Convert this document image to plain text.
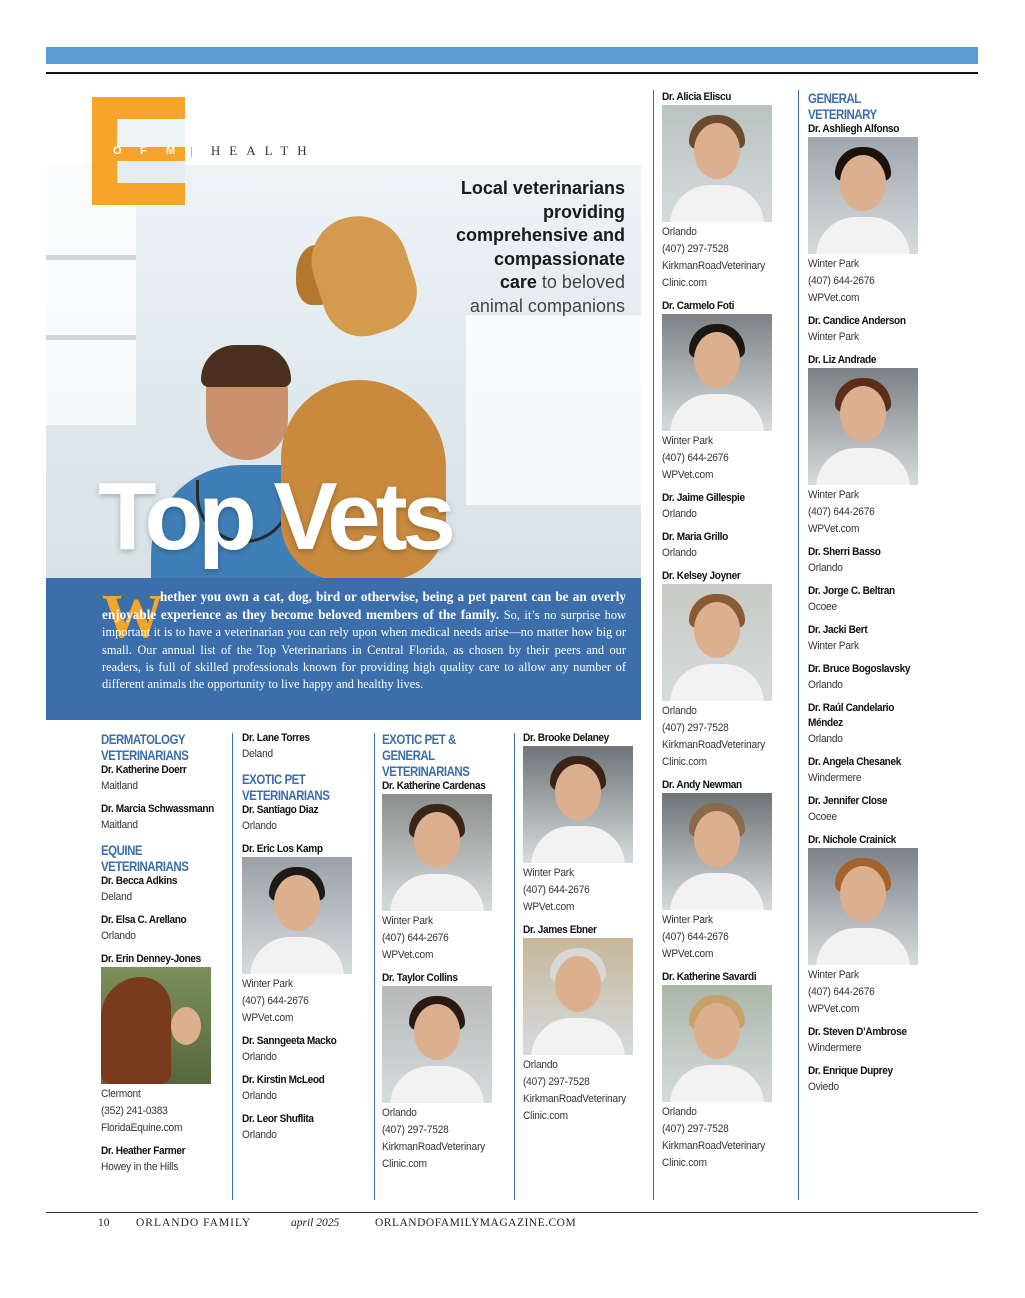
Local veterinarians
providing
comprehensive and
compassionate
care to beloved
animal companions
Top Vets
O F M | HEALTH
W

hether you own a cat, dog, bird or otherwise, being a pet parent can be an overly enjoyable experience as they become beloved members of the family. So, it’s no surprise how important it is to have a veterinarian you can rely upon when medical needs arise—no matter how big or small. Our annual list of the Top Veterinarians in Central Florida, as chosen by their peers and our readers, is full of skilled professionals known for providing high quality care to allow any number of different animals the opportunity to live happy and healthy lives.

DERMATOLOGY VETERINARIANS
Dr. Katherine Doerr
Maitland
Dr. Marcia Schwassmann
Maitland
EQUINE VETERINARIANS
Dr. Becca Adkins
Deland
Dr. Elsa C. Arellano
Orlando
Dr. Erin Denney-Jones
Clermont
(352) 241-0383
FloridaEquine.com
Dr. Heather Farmer
Howey in the Hills
Dr. Lane Torres
Deland
EXOTIC PET VETERINARIANS
Dr. Santiago Diaz
Orlando
Dr. Eric Los Kamp
Winter Park
(407) 644-2676
WPVet.com
Dr. Sanngeeta Macko
Orlando
Dr. Kirstin McLeod
Orlando
Dr. Leor Shuflita
Orlando
EXOTIC PET & GENERAL VETERINARIANS
Dr. Katherine Cardenas
Winter Park
(407) 644-2676
WPVet.com
Dr. Taylor Collins
Orlando
(407) 297-7528
KirkmanRoadVeterinary
Clinic.com
Dr. Brooke Delaney
Winter Park
(407) 644-2676
WPVet.com
Dr. James Ebner
Orlando
(407) 297-7528
KirkmanRoadVeterinary
Clinic.com
Dr. Alicia Eliscu
Orlando
(407) 297-7528
KirkmanRoadVeterinary
Clinic.com
Dr. Carmelo Foti
Winter Park
(407) 644-2676
WPVet.com
Dr. Jaime Gillespie
Orlando
Dr. Maria Grillo
Orlando
Dr. Kelsey Joyner
Orlando
(407) 297-7528
KirkmanRoadVeterinary
Clinic.com
Dr. Andy Newman
Winter Park
(407) 644-2676
WPVet.com
Dr. Katherine Savardi
Orlando
(407) 297-7528
KirkmanRoadVeterinary
Clinic.com
GENERAL VETERINARY
Dr. Ashliegh Alfonso
Winter Park
(407) 644-2676
WPVet.com
Dr. Candice Anderson
Winter Park
Dr. Liz Andrade
Winter Park
(407) 644-2676
WPVet.com
Dr. Sherri Basso
Orlando
Dr. Jorge C. Beltran
Ocoee
Dr. Jacki Bert
Winter Park
Dr. Bruce Bogoslavsky
Orlando
Dr. Raúl Candelario
Méndez
Orlando
Dr. Angela Chesanek
Windermere
Dr. Jennifer Close
Ocoee
Dr. Nichole Crainick
Winter Park
(407) 644-2676
WPVet.com
Dr. Steven D’Ambrose
Windermere
Dr. Enrique Duprey
Oviedo
10 ORLANDO FAMILY	april 2025	ORLANDOFAMILYMAGAZINE.COM
